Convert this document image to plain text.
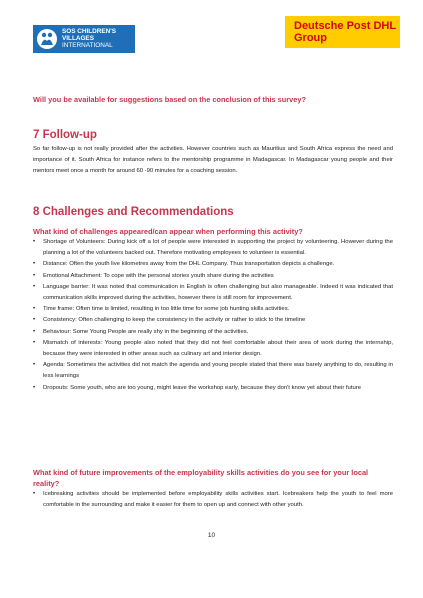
SOS CHILDREN'S
VILLAGES
INTERNATIONAL
Deutsche Post DHL
Group
Will you be available for suggestions based on the conclusion of this survey?
7 Follow-up
So far follow-up is not really provided after the activities. However countries such as Mauritius and South Africa express the need and importance of it. South Africa for instance refers to the mentorship programme in Madagascar. In Madagascar young people and their mentors meet once a month for around 60 -90 minutes for a coaching session.
8 Challenges and Recommendations
What kind of challenges appeared/can appear when performing this activity?
• Shortage of Volunteers: During kick off a lot of people were interested in supporting the project by volunteering. However during the planning a lot of the volunteers backed out. Therefore motivating employees to volunteer is essential.
• Distance: Often the youth live kilometres away from the DHL Company. Thus transportation depicts a challenge.
• Emotional Attachment: To cope with the personal stories youth share during the activities
• Language barrier: It was noted that communication in English is often challenging but also manageable. Indeed it was indicated that communication skills improved during the activities, however there is still room for improvement.
• Time frame: Often time is limited, resulting in too little time for some job hunting skills activities.
• Consistency: Often challenging to keep the consistency in the activity or rather to stick to the timeline
• Behaviour: Some Young People are really shy in the beginning of the activities.
• Mismatch of interests: Young people also noted that they did not feel comfortable about their area of work during the internship, because they were interested in other areas such as culinary art and interior design.
• Agenda: Sometimes the activities did not match the agenda and young people stated that there was barely anything to do, resulting in less learnings
• Dropouts: Some youth, who are too young, might leave the workshop early, because they don't know yet about their future
What kind of future improvements of the employability skills activities do you see for your local reality?
• Icebreaking activities should be implemented before employability skills activities start. Icebreakers help the youth to feel more comfortable in the surrounding and make it easier for them to open up and connect with other youth.
10
